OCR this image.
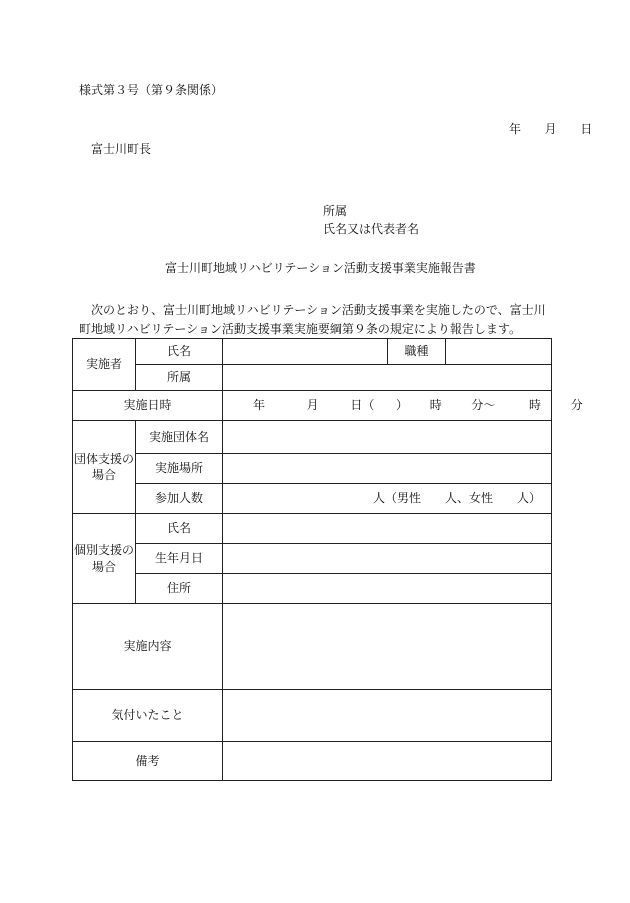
様式第３号（第９条関係）
年 月 日
富士川町長
所属
氏名又は代表者名
富士川町地域リハビリテーション活動支援事業実施報告書
次のとおり、富士川町地域リハビリテーション活動支援事業を実施したので、富士川町地域リハビリテーション活動支援事業実施要綱第９条の規定により報告します。
実施者	氏名		職種	
	所属			
実施日時		年 月 日（ ） 時 分～ 時 分		
団体支援の場合	実施団体名			
	実施場所			
	参加人数	人（男性　　人、女性　　人）		
個別支援の場合	氏名			
	生年月日			
	住所			
実施内容				
気付いたこと				
備考				
